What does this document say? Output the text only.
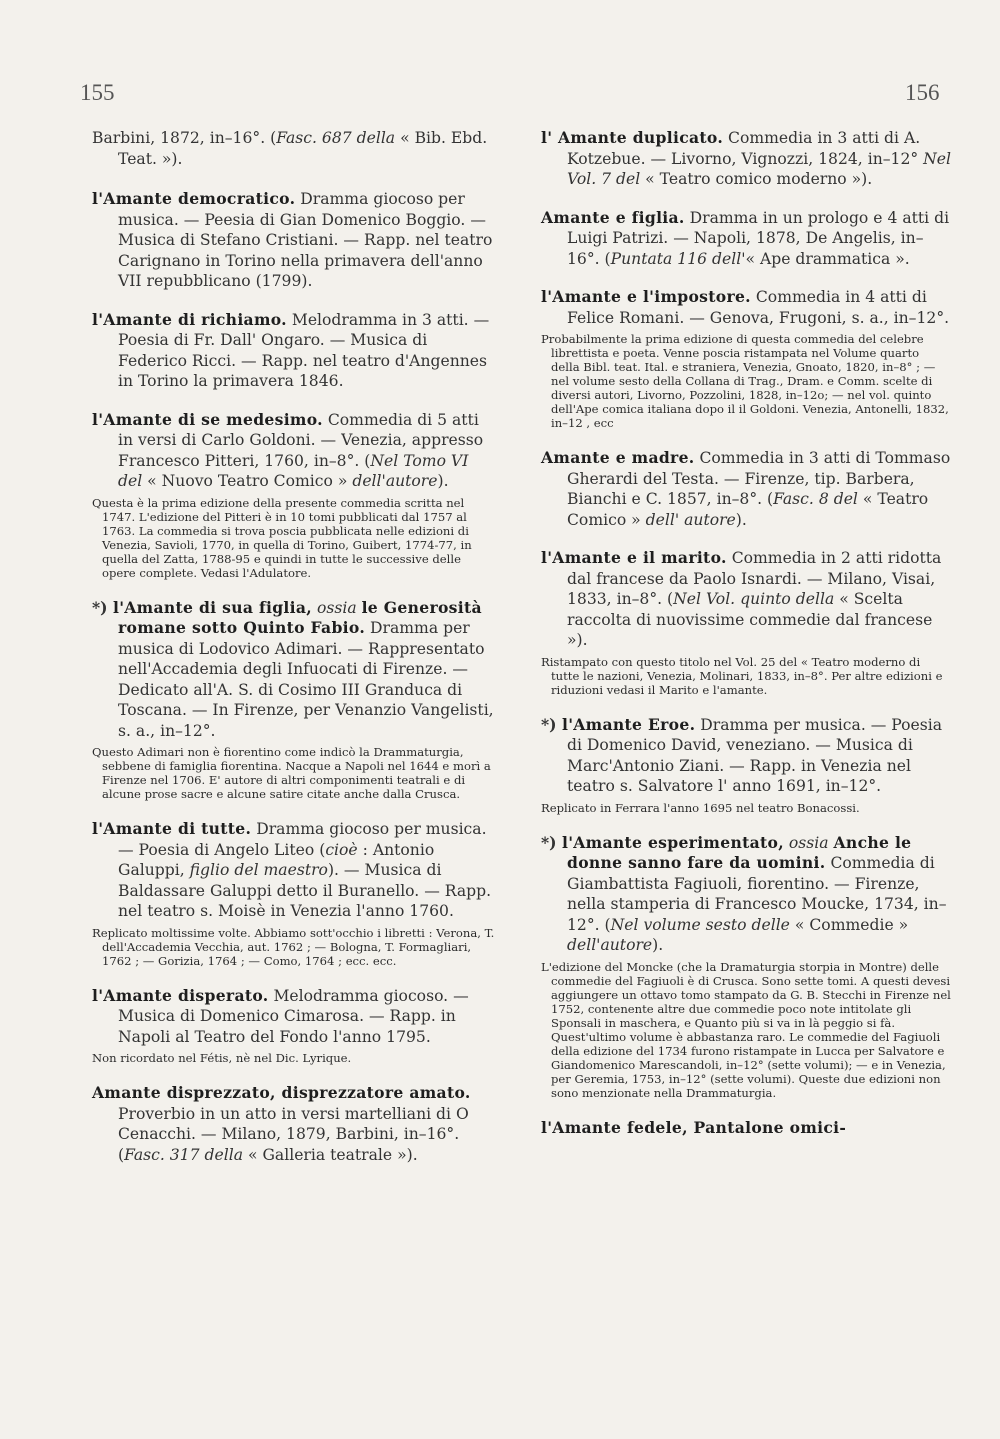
155	156
Barbini, 1872, in–16°. (Fasc. 687 della « Bib. Ebd. Teat. »).
l'Amante democratico. Dramma giocoso per musica. — Peesia di Gian Domenico Boggio. — Musica di Stefano Cristiani. — Rapp. nel teatro Carignano in Torino nella primavera dell'anno VII repubblicano (1799).
l'Amante di richiamo. Melodramma in 3 atti. — Poesia di Fr. Dall' Ongaro. — Musica di Federico Ricci. — Rapp. nel teatro d'Angennes in Torino la primavera 1846.
l'Amante di se medesimo. Commedia di 5 atti in versi di Carlo Goldoni. — Venezia, appresso Francesco Pitteri, 1760, in–8°. (Nel Tomo VI del « Nuovo Teatro Comico » dell'autore).
Questa è la prima edizione della presente commedia scritta nel 1747. L'edizione del Pitteri è in 10 tomi pubblicati dal 1757 al 1763. La commedia si trova poscia pubblicata nelle edizioni di Venezia, Savioli, 1770, in quella di Torino, Guibert, 1774-77, in quella del Zatta, 1788-95 e quindi in tutte le successive delle opere complete. Vedasi l'Adulatore.
*) l'Amante di sua figlia, ossia le Generosità romane sotto Quinto Fabio. Dramma per musica di Lodovico Adimari. — Rappresentato nell'Accademia degli Infuocati di Firenze. — Dedicato all'A. S. di Cosimo III Granduca di Toscana. — In Firenze, per Venanzio Vangelisti, s. a., in–12°.
Questo Adimari non è fiorentino come indicò la Drammaturgia, sebbene di famiglia fiorentina. Nacque a Napoli nel 1644 e morì a Firenze nel 1706. E' autore di altri componimenti teatrali e di alcune prose sacre e alcune satire citate anche dalla Crusca.
l'Amante di tutte. Dramma giocoso per musica. — Poesia di Angelo Liteo (cioè : Antonio Galuppi, figlio del maestro). — Musica di Baldassare Galuppi detto il Buranello. — Rapp. nel teatro s. Moisè in Venezia l'anno 1760.
Replicato moltissime volte. Abbiamo sott'occhio i libretti : Verona, T. dell'Accademia Vecchia, aut. 1762 ; — Bologna, T. Formagliari, 1762 ; — Gorizia, 1764 ; — Como, 1764 ; ecc. ecc.
l'Amante disperato. Melodramma giocoso. — Musica di Domenico Cimarosa. — Rapp. in Napoli al Teatro del Fondo l'anno 1795.
Non ricordato nel Fétis, nè nel Dic. Lyrique.
Amante disprezzato, disprezzatore amato. Proverbio in un atto in versi martelliani di O Cenacchi. — Milano, 1879, Barbini, in–16°. (Fasc. 317 della « Galleria teatrale »).
l' Amante duplicato. Commedia in 3 atti di A. Kotzebue. — Livorno, Vignozzi, 1824, in–12° Nel Vol. 7 del « Teatro comico moderno »).
Amante e figlia. Dramma in un prologo e 4 atti di Luigi Patrizi. — Napoli, 1878, De Angelis, in–16°. (Puntata 116 dell'« Ape drammatica ».
l'Amante e l'impostore. Commedia in 4 atti di Felice Romani. — Genova, Frugoni, s. a., in–12°.
Probabilmente la prima edizione di questa commedia del celebre librettista e poeta. Venne poscia ristampata nel Volume quarto della Bibl. teat. Ital. e straniera, Venezia, Gnoato, 1820, in–8° ; — nel volume sesto della Collana di Trag., Dram. e Comm. scelte di diversi autori, Livorno, Pozzolini, 1828, in–12o; — nel vol. quinto dell'Ape comica italiana dopo il il Goldoni. Venezia, Antonelli, 1832, in–12 , ecc
Amante e madre. Commedia in 3 atti di Tommaso Gherardi del Testa. — Firenze, tip. Barbera, Bianchi e C. 1857, in–8°. (Fasc. 8 del « Teatro Comico » dell' autore).
l'Amante e il marito. Commedia in 2 atti ridotta dal francese da Paolo Isnardi. — Milano, Visai, 1833, in–8°. (Nel Vol. quinto della « Scelta raccolta di nuovissime commedie dal francese »).
Ristampato con questo titolo nel Vol. 25 del « Teatro moderno di tutte le nazioni, Venezia, Molinari, 1833, in–8°. Per altre edizioni e riduzioni vedasi il Marito e l'amante.
*) l'Amante Eroe. Dramma per musica. — Poesia di Domenico David, veneziano. — Musica di Marc'Antonio Ziani. — Rapp. in Venezia nel teatro s. Salvatore l' anno 1691, in–12°.
Replicato in Ferrara l'anno 1695 nel teatro Bonacossi.
*) l'Amante esperimentato, ossia Anche le donne sanno fare da uomini. Commedia di Giambattista Fagiuoli, fiorentino. — Firenze, nella stamperia di Francesco Moucke, 1734, in–12°. (Nel volume sesto delle « Commedie » dell'autore).
L'edizione del Moncke (che la Dramaturgia storpia in Montre) delle commedie del Fagiuoli è di Crusca. Sono sette tomi. A questi devesi aggiungere un ottavo tomo stampato da G. B. Stecchi in Firenze nel 1752, contenente altre due commedie poco note intitolate gli Sponsali in maschera, e Quanto più si va in là peggio si fà. Quest'ultimo volume è abbastanza raro. Le commedie del Fagiuoli della edizione del 1734 furono ristampate in Lucca per Salvatore e Giandomenico Marescandoli, in–12° (sette volumi); — e in Venezia, per Geremia, 1753, in–12° (sette volumi). Queste due edizioni non sono menzionate nella Drammaturgia.
l'Amante fedele, Pantalone omici-
